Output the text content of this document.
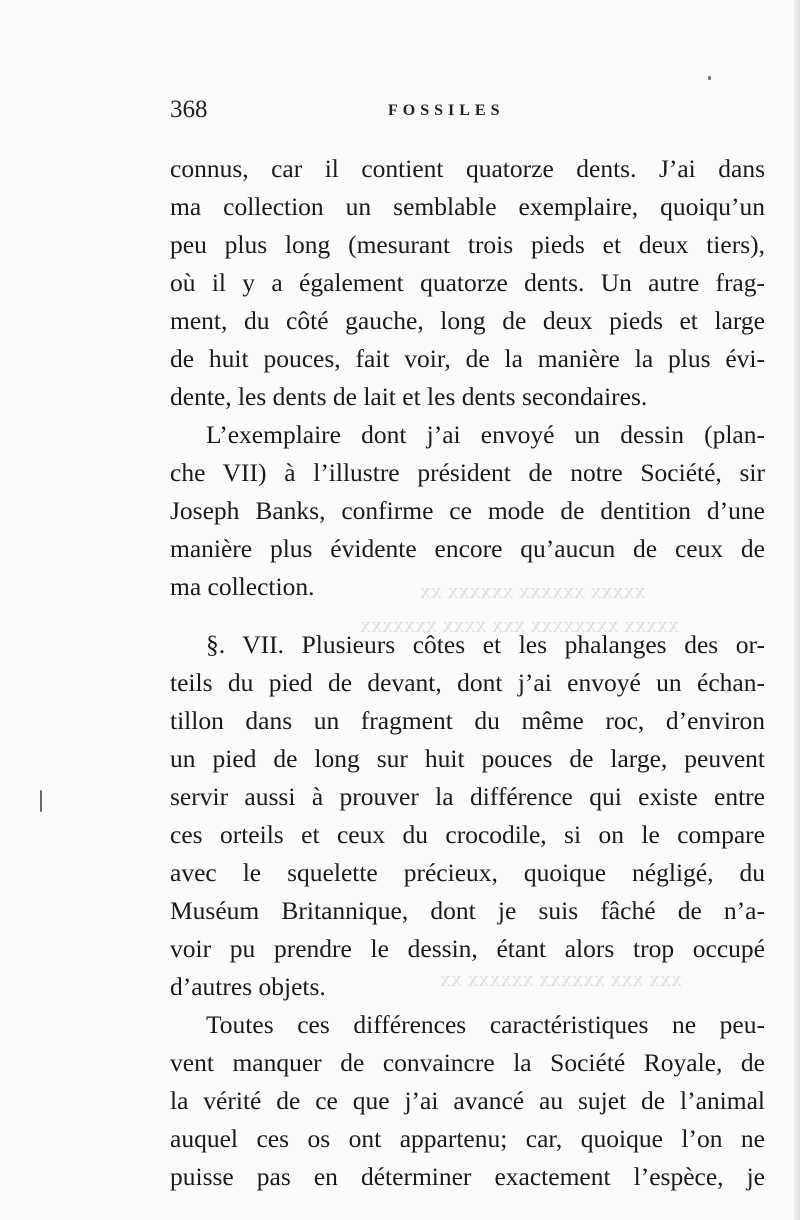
xxxxx xxxxxx xxxxxx xx
xxxxx xxxxxxxx xxx xxxx xxxxxxx
xxx xxx xxxxxx xxxxxx xx
368	FOSSILES
connus, car il contient quatorze dents. J’ai dans
ma collection un semblable exemplaire, quoiqu’un
peu plus long (mesurant trois pieds et deux tiers),
où il y a également quatorze dents. Un autre frag-
ment, du côté gauche, long de deux pieds et large
de huit pouces, fait voir, de la manière la plus évi-
dente, les dents de lait et les dents secondaires.
L’exemplaire dont j’ai envoyé un dessin (plan-
che VII) à l’illustre président de notre Société, sir
Joseph Banks, confirme ce mode de dentition d’une
manière plus évidente encore qu’aucun de ceux de
ma collection.
§. VII. Plusieurs côtes et les phalanges des or-
teils du pied de devant, dont j’ai envoyé un échan-
tillon dans un fragment du même roc, d’environ
un pied de long sur huit pouces de large, peuvent
servir aussi à prouver la différence qui existe entre
ces orteils et ceux du crocodile, si on le compare
avec le squelette précieux, quoique négligé, du
Muséum Britannique, dont je suis fâché de n’a-
voir pu prendre le dessin, étant alors trop occupé
d’autres objets.
Toutes ces différences caractéristiques ne peu-
vent manquer de convaincre la Société Royale, de
la vérité de ce que j’ai avancé au sujet de l’animal
auquel ces os ont appartenu; car, quoique l’on ne
puisse pas en déterminer exactement l’espèce, je
